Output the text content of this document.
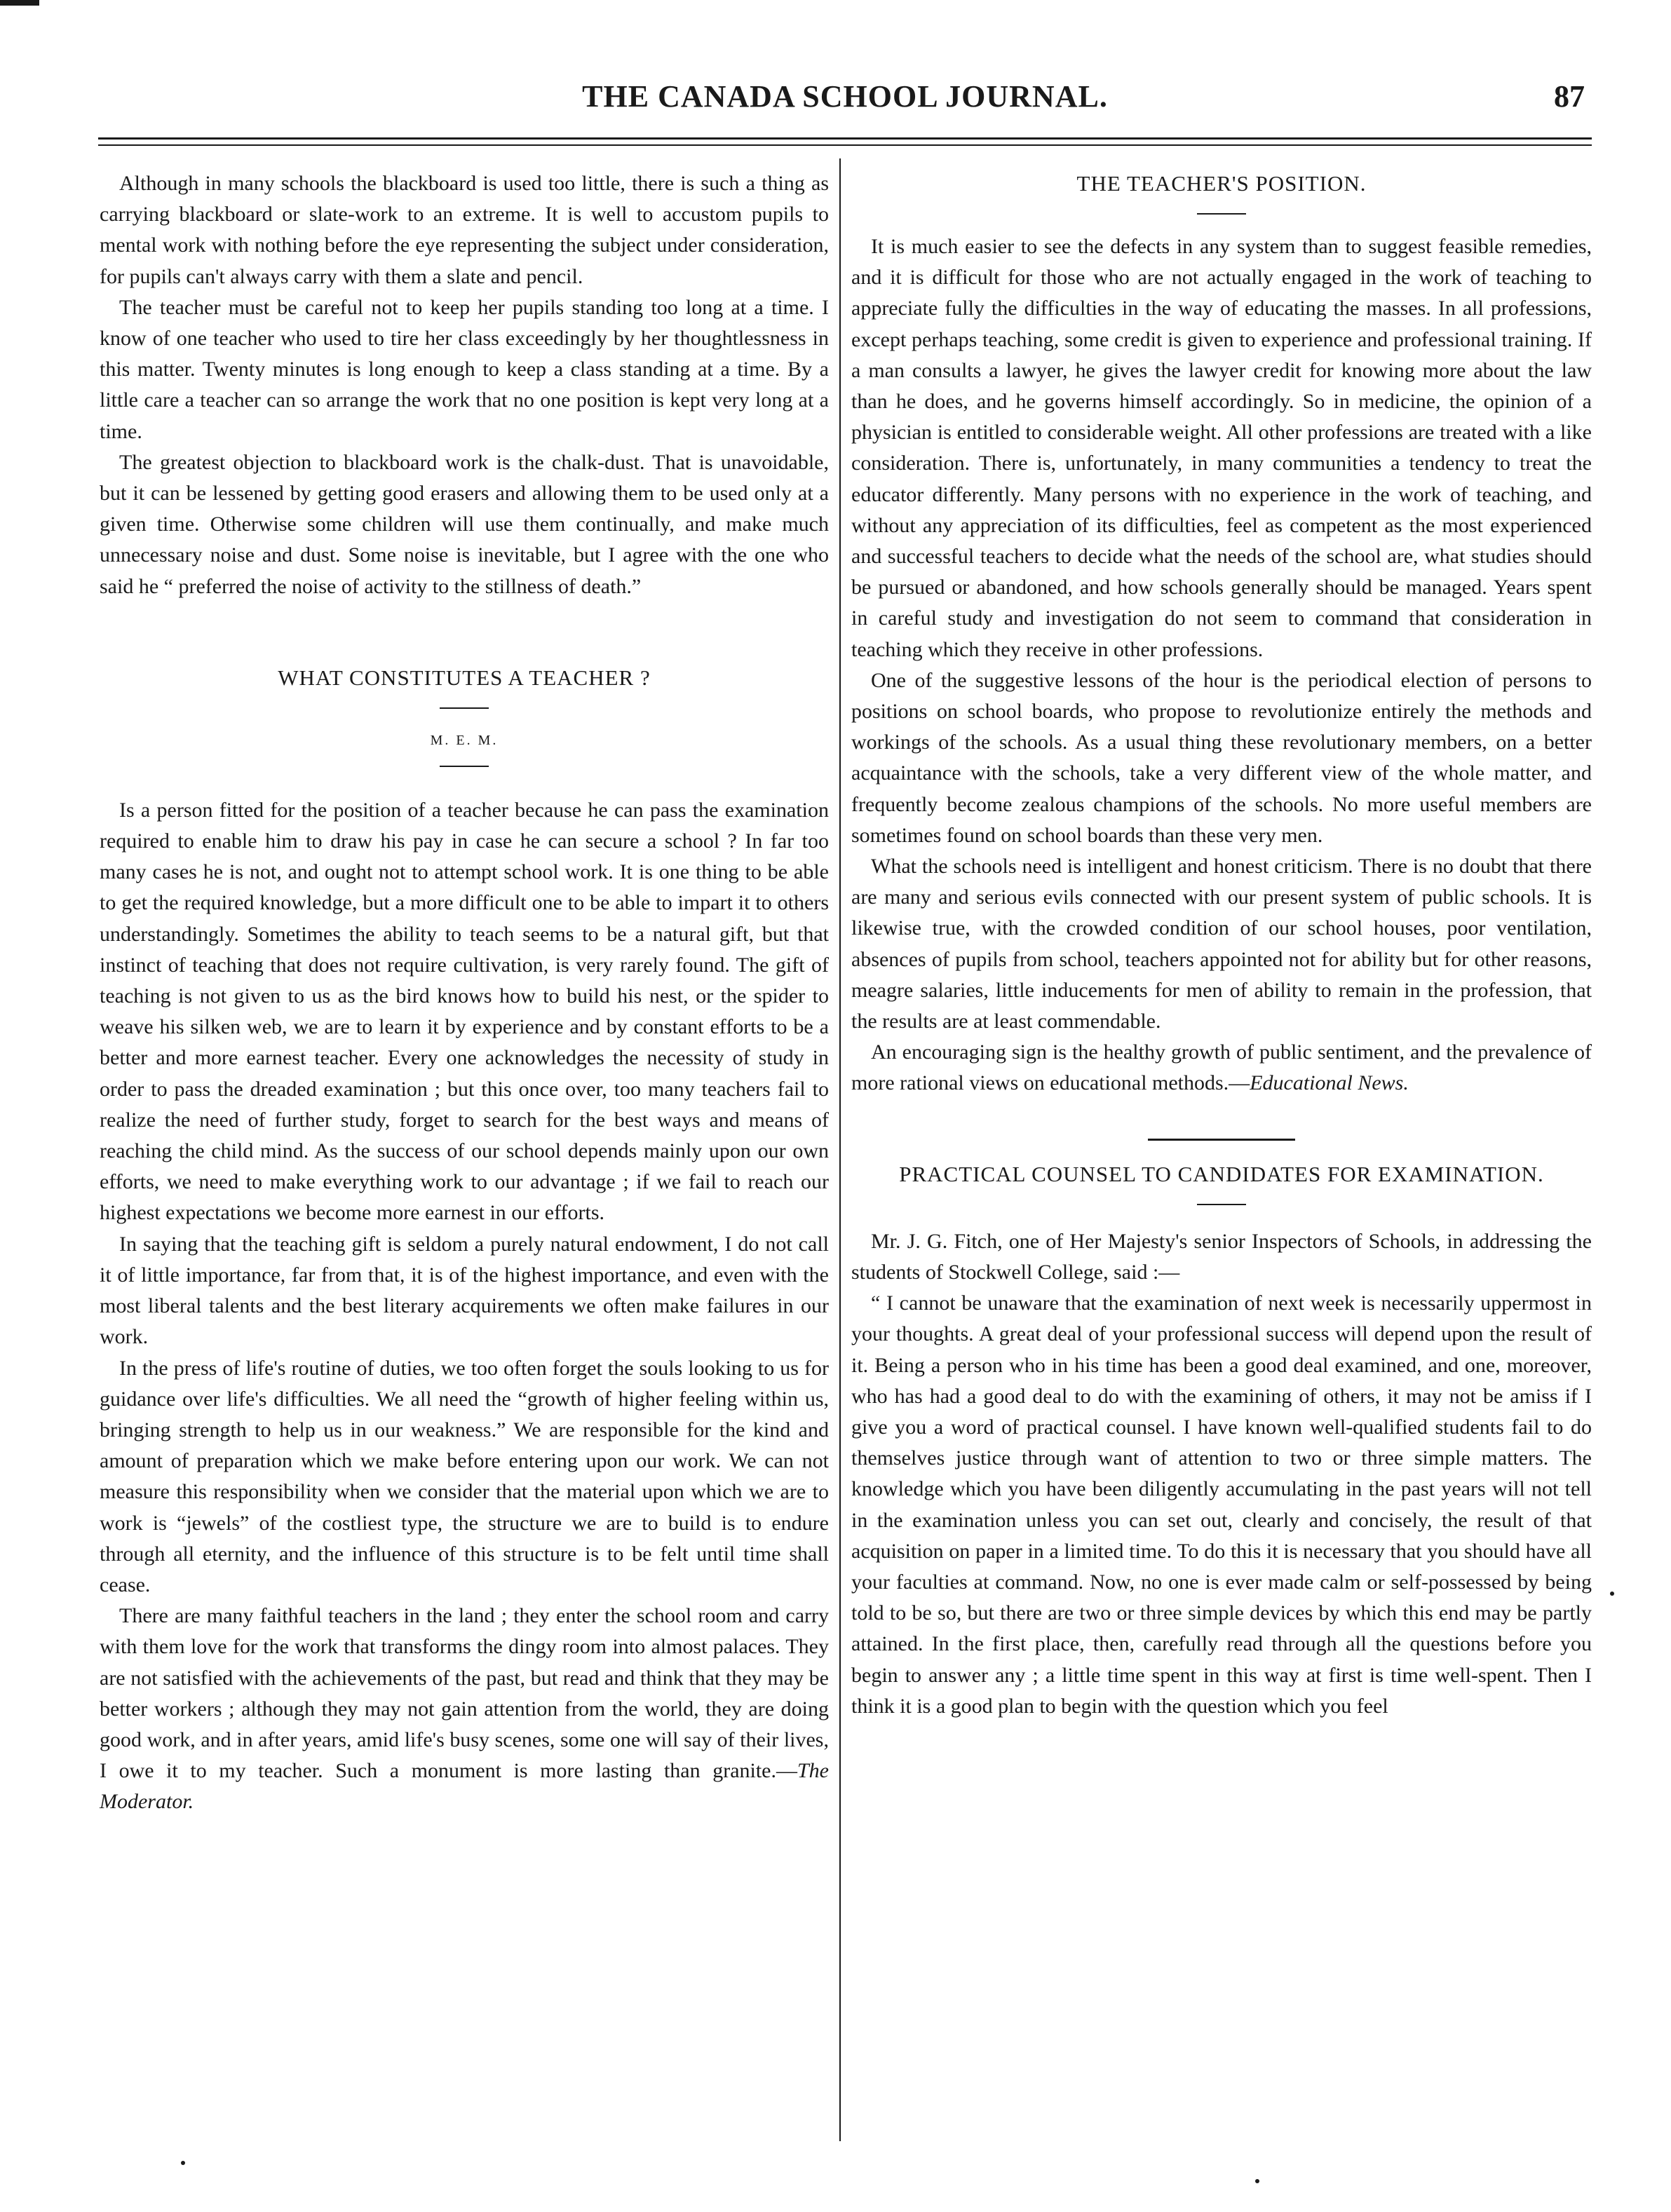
THE CANADA SCHOOL JOURNAL.	87

Although in many schools the blackboard is used too little, there is such a thing as carrying blackboard or slate-work to an extreme. It is well to accustom pupils to mental work with nothing before the eye representing the subject under consideration, for pupils can't always carry with them a slate and pencil.

The teacher must be careful not to keep her pupils standing too long at a time. I know of one teacher who used to tire her class exceedingly by her thoughtlessness in this matter. Twenty minutes is long enough to keep a class standing at a time. By a little care a teacher can so arrange the work that no one position is kept very long at a time.

The greatest objection to blackboard work is the chalk-dust. That is unavoidable, but it can be lessened by getting good erasers and allowing them to be used only at a given time. Otherwise some children will use them continually, and make much unnecessary noise and dust. Some noise is inevitable, but I agree with the one who said he “ preferred the noise of activity to the stillness of death.”

WHAT CONSTITUTES A TEACHER ?
M. E. M.

Is a person fitted for the position of a teacher because he can pass the examination required to enable him to draw his pay in case he can secure a school ? In far too many cases he is not, and ought not to attempt school work. It is one thing to be able to get the required knowledge, but a more difficult one to be able to impart it to others understandingly. Sometimes the ability to teach seems to be a natural gift, but that instinct of teaching that does not require cultivation, is very rarely found. The gift of teaching is not given to us as the bird knows how to build his nest, or the spider to weave his silken web, we are to learn it by experience and by constant efforts to be a better and more earnest teacher. Every one acknowledges the necessity of study in order to pass the dreaded examination ; but this once over, too many teachers fail to realize the need of further study, forget to search for the best ways and means of reaching the child mind. As the success of our school depends mainly upon our own efforts, we need to make everything work to our advantage ; if we fail to reach our highest expectations we become more earnest in our efforts.

In saying that the teaching gift is seldom a purely natural endowment, I do not call it of little importance, far from that, it is of the highest importance, and even with the most liberal talents and the best literary acquirements we often make failures in our work.

In the press of life's routine of duties, we too often forget the souls looking to us for guidance over life's difficulties. We all need the “growth of higher feeling within us, bringing strength to help us in our weakness.” We are responsible for the kind and amount of preparation which we make before entering upon our work. We can not measure this responsibility when we consider that the material upon which we are to work is “jewels” of the costliest type, the structure we are to build is to endure through all eternity, and the influence of this structure is to be felt until time shall cease.

There are many faithful teachers in the land ; they enter the school room and carry with them love for the work that transforms the dingy room into almost palaces. They are not satisfied with the achievements of the past, but read and think that they may be better workers ; although they may not gain attention from the world, they are doing good work, and in after years, amid life's busy scenes, some one will say of their lives, I owe it to my teacher. Such a monument is more lasting than granite.—The Moderator.

THE TEACHER'S POSITION.

It is much easier to see the defects in any system than to suggest feasible remedies, and it is difficult for those who are not actually engaged in the work of teaching to appreciate fully the difficulties in the way of educating the masses. In all professions, except perhaps teaching, some credit is given to experience and professional training. If a man consults a lawyer, he gives the lawyer credit for knowing more about the law than he does, and he governs himself accordingly. So in medicine, the opinion of a physician is entitled to considerable weight. All other professions are treated with a like consideration. There is, unfortunately, in many communities a tendency to treat the educator differently. Many persons with no experience in the work of teaching, and without any appreciation of its difficulties, feel as competent as the most experienced and successful teachers to decide what the needs of the school are, what studies should be pursued or abandoned, and how schools generally should be managed. Years spent in careful study and investigation do not seem to command that consideration in teaching which they receive in other professions.

One of the suggestive lessons of the hour is the periodical election of persons to positions on school boards, who propose to revolutionize entirely the methods and workings of the schools. As a usual thing these revolutionary members, on a better acquaintance with the schools, take a very different view of the whole matter, and frequently become zealous champions of the schools. No more useful members are sometimes found on school boards than these very men.

What the schools need is intelligent and honest criticism. There is no doubt that there are many and serious evils connected with our present system of public schools. It is likewise true, with the crowded condition of our school houses, poor ventilation, absences of pupils from school, teachers appointed not for ability but for other reasons, meagre salaries, little inducements for men of ability to remain in the profession, that the results are at least commendable.

An encouraging sign is the healthy growth of public sentiment, and the prevalence of more rational views on educational methods.—Educational News.

PRACTICAL COUNSEL TO CANDIDATES FOR EXAMINATION.

Mr. J. G. Fitch, one of Her Majesty's senior Inspectors of Schools, in addressing the students of Stockwell College, said :—

“ I cannot be unaware that the examination of next week is necessarily uppermost in your thoughts. A great deal of your professional success will depend upon the result of it. Being a person who in his time has been a good deal examined, and one, moreover, who has had a good deal to do with the examining of others, it may not be amiss if I give you a word of practical counsel. I have known well-qualified students fail to do themselves justice through want of attention to two or three simple matters. The knowledge which you have been diligently accumulating in the past years will not tell in the examination unless you can set out, clearly and concisely, the result of that acquisition on paper in a limited time. To do this it is necessary that you should have all your faculties at command. Now, no one is ever made calm or self-possessed by being told to be so, but there are two or three simple devices by which this end may be partly attained. In the first place, then, carefully read through all the questions before you begin to answer any ; a little time spent in this way at first is time well-spent. Then I think it is a good plan to begin with the question which you feel
